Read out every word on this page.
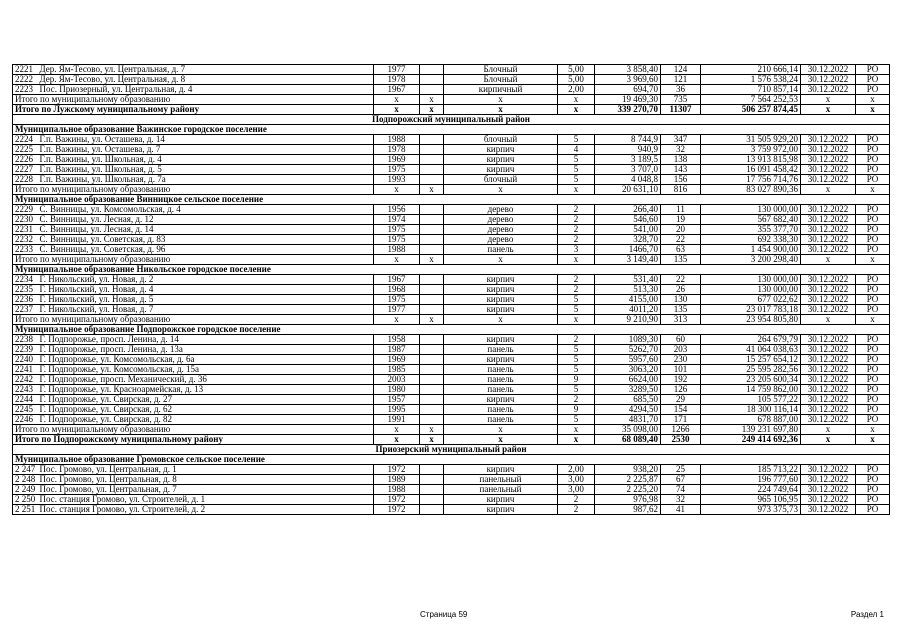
2221	Дер. Ям-Тесово, ул. Центральная, д. 7	1977		Блочный	5,00	3 858,40	124	210 666,14	30.12.2022	РО
2222	Дер. Ям-Тесово, ул. Центральная, д. 8	1978		Блочный	5,00	3 969,60	121	1 576 538,24	30.12.2022	РО
2223	Пос. Приозерный, ул. Центральная, д. 4	1967		кирпичный	2,00	694,70	36	710 857,14	30.12.2022	РО
Итого по муниципальному образованию		х	х	х	х	19 469,30	735	7 564 252,53	х	х
Итого по Лужскому муниципальному району		х	х	х	х	339 270,70	11307	506 257 874,45	х	х
Подпорожский муниципальный район										
Муниципальное образование Важинское городское поселение										
2224	Г.п. Важины, ул. Осташева, д. 14	1988		блочный	5	8 744,9	347	31 505 929,20	30.12.2022	РО
2225	Г.п. Важины, ул. Осташева, д. 7	1978		кирпич	4	940,9	32	3 759 972,00	30.12.2022	РО
2226	Г.п. Важины, ул. Школьная, д. 4	1969		кирпич	5	3 189,5	138	13 913 815,98	30.12.2022	РО
2227	Г.п. Важины, ул. Школьная, д. 5	1975		кирпич	5	3 707,0	143	16 091 458,42	30.12.2022	РО
2228	Г.п. Важины, ул. Школьная, д. 7а	1993		блочный	5	4 048,8	156	17 756 714,76	30.12.2022	РО
Итого по муниципальному образованию		х	х	х	х	20 631,10	816	83 027 890,36	х	х
Муниципальное образование Винницкое сельское поселение										
2229	С. Винницы, ул. Комсомольская, д. 4	1956		дерево	2	266,40	11	130 000,00	30.12.2022	РО
2230	С. Винницы, ул. Лесная, д. 12	1974		дерево	2	546,60	19	567 682,40	30.12.2022	РО
2231	С. Винницы, ул. Лесная, д. 14	1975		дерево	2	541,00	20	355 377,70	30.12.2022	РО
2232	С. Винницы, ул. Советская, д. 83	1975		дерево	2	328,70	22	692 338,30	30.12.2022	РО
2233	С. Винницы, ул. Советская, д. 96	1988		панель	3	1466,70	63	1 454 900,00	30.12.2022	РО
Итого по муниципальному образованию		х	х	х	х	3 149,40	135	3 200 298,40	х	х
Муниципальное образование Никольское городское поселение										
2234	Г. Никольский, ул. Новая, д. 2	1967		кирпич	2	531,40	22	130 000,00	30.12.2022	РО
2235	Г. Никольский, ул. Новая, д. 4	1968		кирпич	2	513,30	26	130 000,00	30.12.2022	РО
2236	Г. Никольский, ул. Новая, д. 5	1975		кирпич	5	4155,00	130	677 022,62	30.12.2022	РО
2237	Г. Никольский, ул. Новая, д. 7	1977		кирпич	5	4011,20	135	23 017 783,18	30.12.2022	РО
Итого по муниципальному образованию		х	х	х	х	9 210,90	313	23 954 805,80	х	х
Муниципальное образование Подпорожское городское поселение										
2238	Г. Подпорожье, просп. Ленина, д. 14	1958		кирпич	2	1089,30	60	264 679,79	30.12.2022	РО
2239	Г. Подпорожье, просп. Ленина, д. 13а	1987		панель	5	5262,70	203	41 064 038,63	30.12.2022	РО
2240	Г. Подпорожье, ул. Комсомольская, д. 6а	1969		кирпич	5	5957,60	230	15 257 654,12	30.12.2022	РО
2241	Г. Подпорожье, ул. Комсомольская, д. 15а	1985		панель	5	3063,20	101	25 595 282,56	30.12.2022	РО
2242	Г. Подпорожье, просп. Механический, д. 36	2003		панель	9	6624,00	192	23 205 600,34	30.12.2022	РО
2243	Г. Подпорожье, ул. Красноармейская, д. 13	1980		панель	5	3289,50	126	14 759 862,00	30.12.2022	РО
2244	Г. Подпорожье, ул. Свирская, д. 27	1957		кирпич	2	685,50	29	105 577,22	30.12.2022	РО
2245	Г. Подпорожье, ул. Свирская, д. 62	1995		панель	9	4294,50	154	18 300 116,14	30.12.2022	РО
2246	Г. Подпорожье, ул. Свирская, д. 82	1991		панель	5	4831,70	171	678 887,00	30.12.2022	РО
Итого по муниципальному образованию		х	х	х	х	35 098,00	1266	139 231 697,80	х	х
Итого по Подпорожскому муниципальному району		х	х	х	х	68 089,40	2530	249 414 692,36	х	х
Приозерский муниципальный район										
Муниципальное образование Громовское сельское поселение										
2 247	Пос. Громово, ул. Центральная, д. 1	1972		кирпич	2,00	938,20	25	185 713,22	30.12.2022	РО
2 248	Пос. Громово, ул. Центральная, д. 8	1989		панельный	3,00	2 225,87	67	196 777,60	30.12.2022	РО
2 249	Пос. Громово, ул. Центральная, д. 7	1988		панельный	3,00	2 225,20	74	224 749,64	30.12.2022	РО
2 250	Пос. станция Громово, ул. Строителей, д. 1	1972		кирпич	2	976,98	32	965 106,95	30.12.2022	РО
2 251	Пос. станция Громово, ул. Строителей, д. 2	1972		кирпич	2	987,62	41	973 375,73	30.12.2022	РО
Страница 59	Раздел 1
